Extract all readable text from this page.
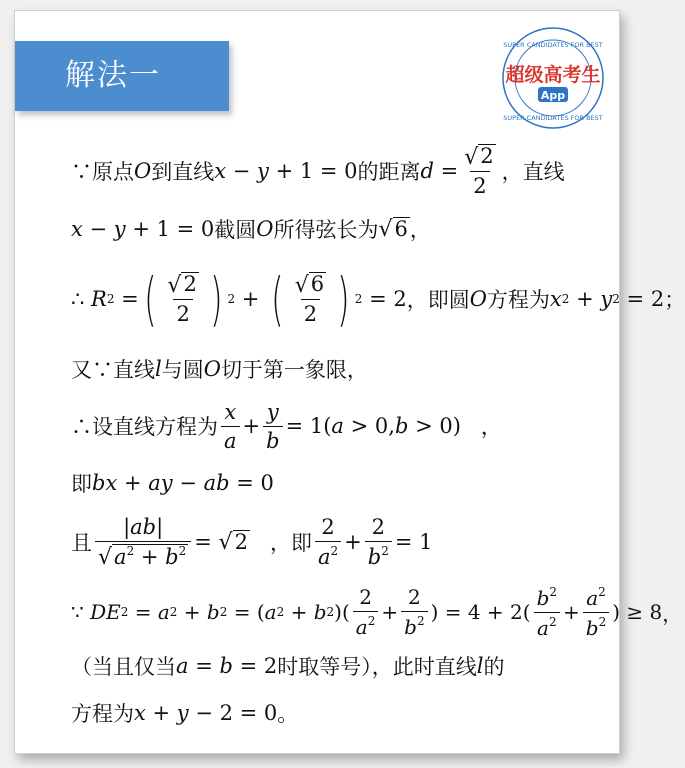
解法一
SUPER CANDIDATES FOR BEST
超级高考生
App
SUPER CANDIDATES FOR BEST
∵原点 O 到直线 x − y + 1 = 0 的距离 $d = \frac{√ 2}{2}$ ，直线
x − y + 1 = 0 截圆 O 所得弦长为 √ 6 ，
∴ R 2 = ( $\frac{√ 2}{2}$ ) 2 + ( $\frac{√ 6}{2}$ ) 2 = 2 ，即圆 O 方程为 x 2 + y 2 = 2 ；
又∵直线 l 与圆 O 切于第一象限，
∴设直线方程为 $\frac{x}{a} + \frac{y}{b} = 1$( a > 0, b > 0) ，
即 bx + ay − ab = 0
且 $\frac{|ab|}{√ a^2 + b^2}$ = √ 2
，即 $\frac{2}{a^2} + \frac{2}{b^2} = 1$
∵ DE 2 = a 2 + b 2 = ( a 2 + b 2 )( $\frac{2}{a^2} + \frac{2}{b^2}$ ) = $4 + 2( \frac{b^2}{a^2} + \frac{a^2}{b^2}$ ) ≥ 8 ，
（当且仅当 a = b = 2 时取等号），此时直线 l 的
方程为 x + y − 2 = 0 。
